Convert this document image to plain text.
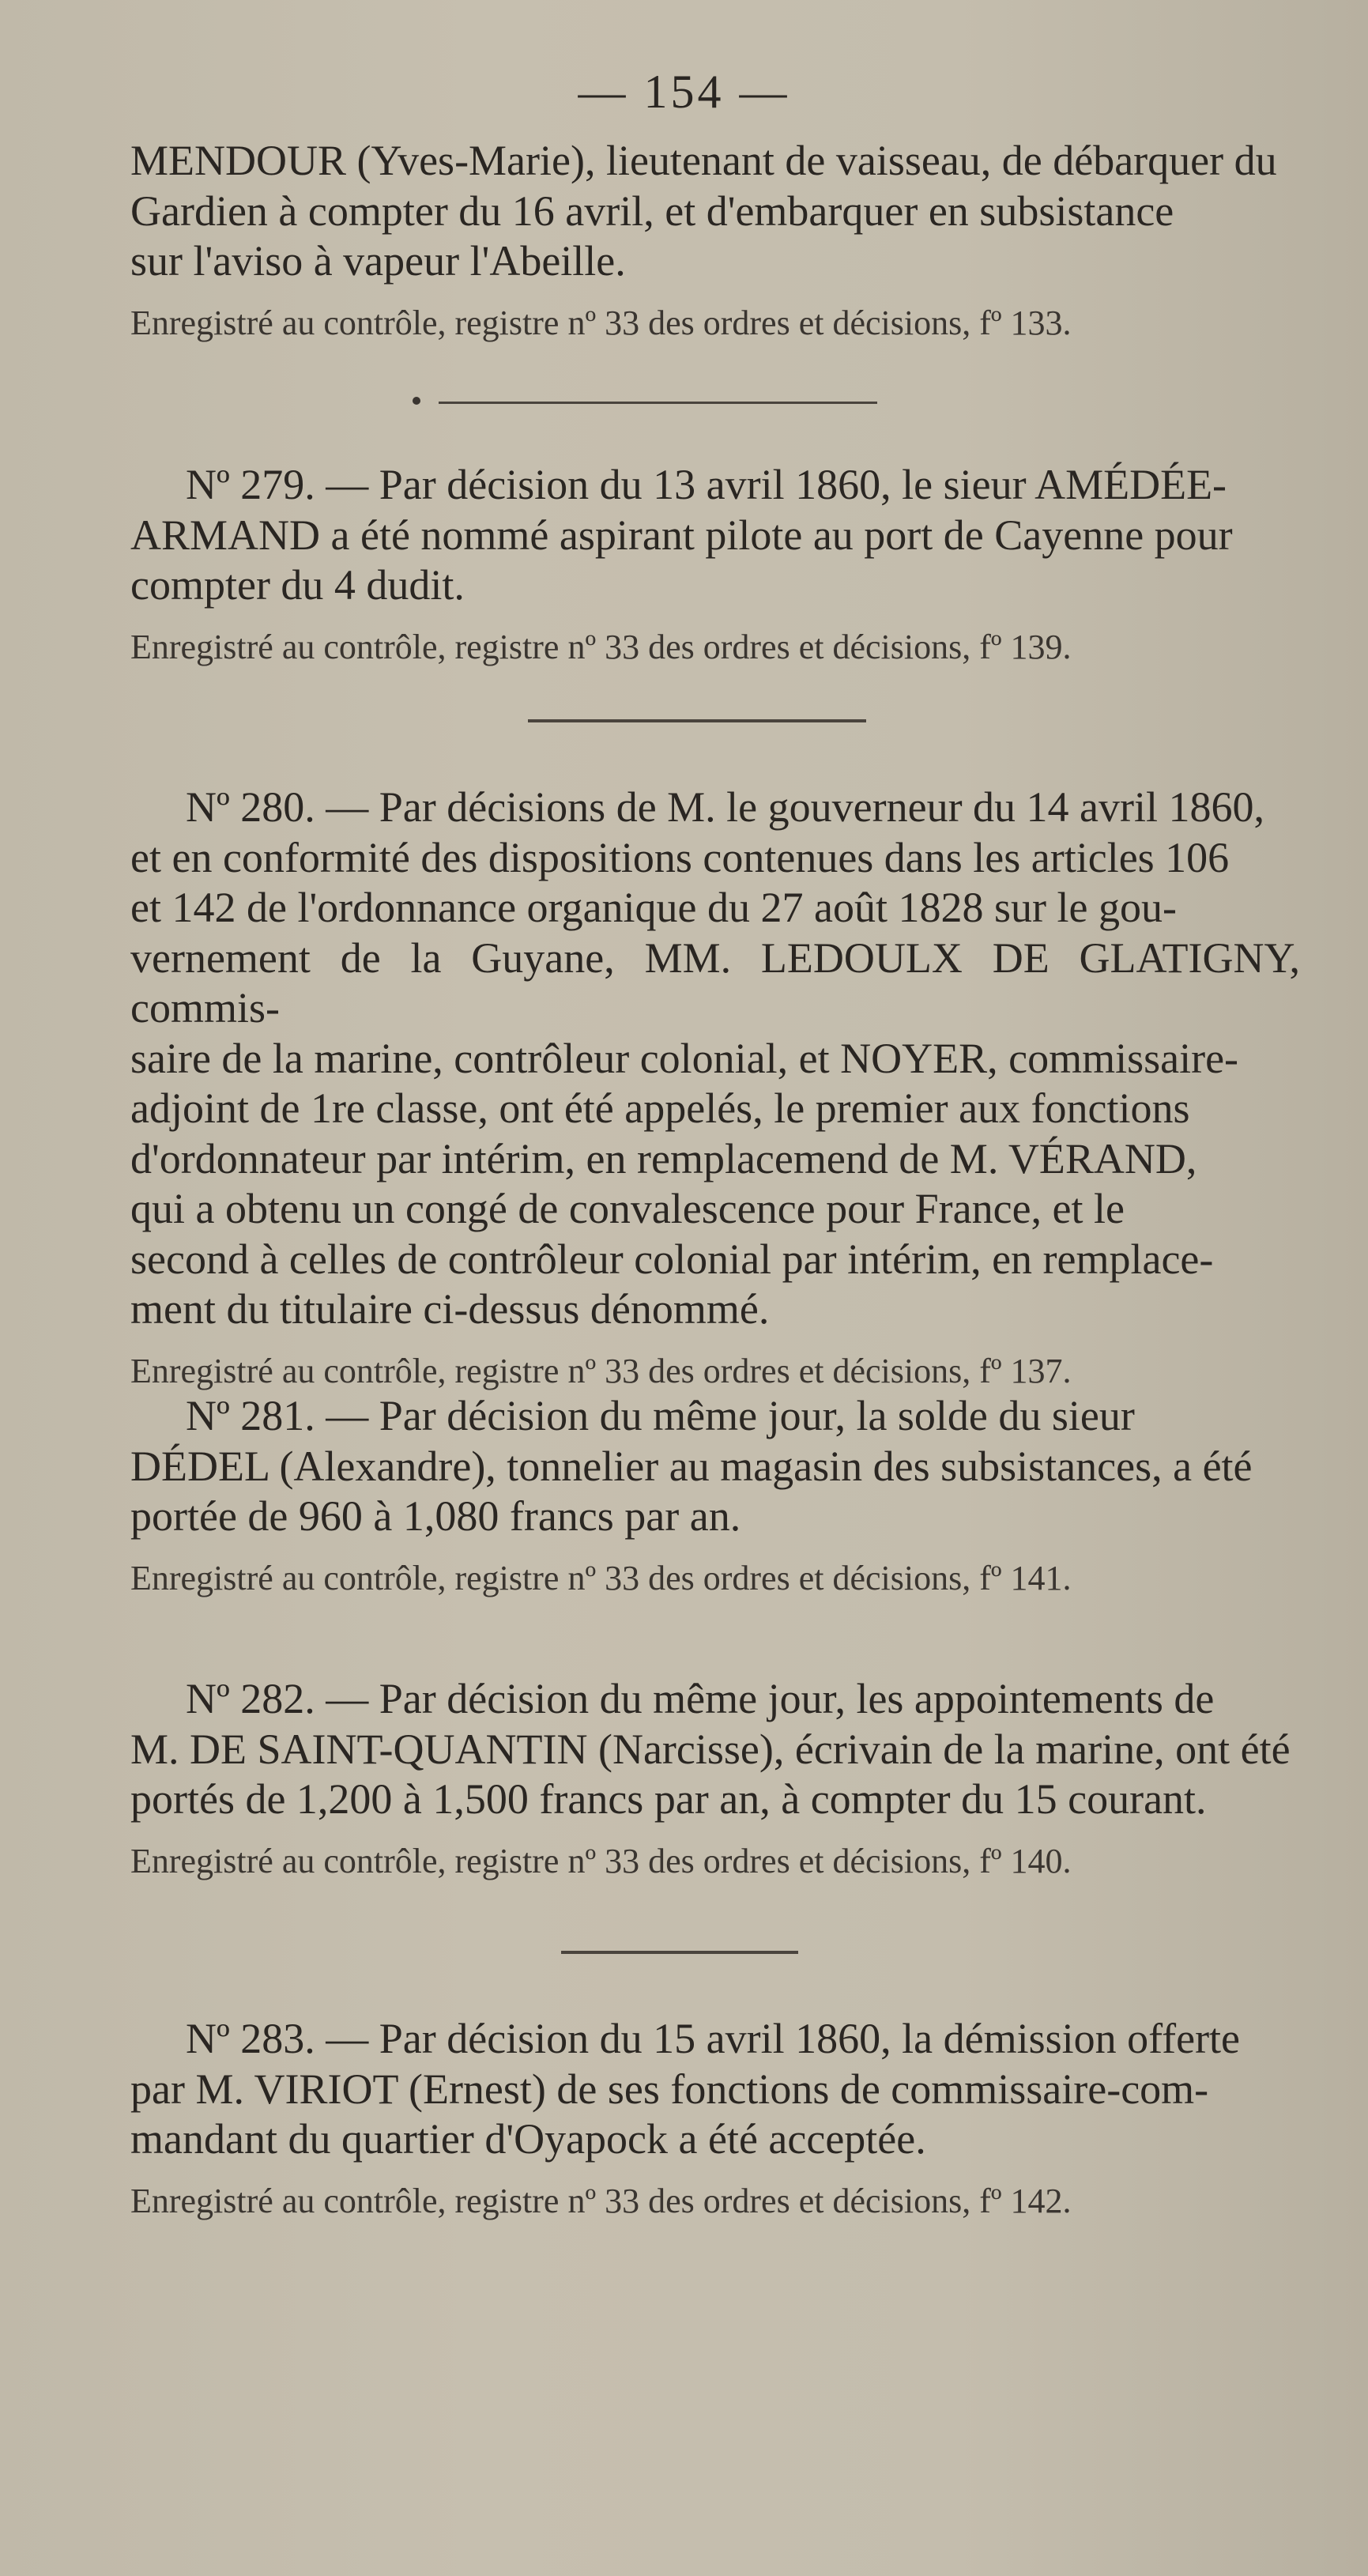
— 154 —

MENDOUR (Yves-Marie), lieutenant de vaisseau, de débarquer du

Gardien à compter du 16 avril, et d'embarquer en subsistance

sur l'aviso à vapeur l'Abeille.

Enregistré au contrôle, registre nº 33 des ordres et décisions, fº 133.

Nº 279. — Par décision du 13 avril 1860, le sieur AMÉDÉE-

ARMAND a été nommé aspirant pilote au port de Cayenne pour

compter du 4 dudit.

Enregistré au contrôle, registre nº 33 des ordres et décisions, fº 139.

Nº 280. — Par décisions de M. le gouverneur du 14 avril 1860,

et en conformité des dispositions contenues dans les articles 106

et 142 de l'ordonnance organique du 27 août 1828 sur le gou-

vernement de la Guyane, MM. LEDOULX DE GLATIGNY, commis-

saire de la marine, contrôleur colonial, et NOYER, commissaire-

adjoint de 1re classe, ont été appelés, le premier aux fonctions

d'ordonnateur par intérim, en remplacemend de M. VÉRAND,

qui a obtenu un congé de convalescence pour France, et le

second à celles de contrôleur colonial par intérim, en remplace-

ment du titulaire ci-dessus dénommé.

Enregistré au contrôle, registre nº 33 des ordres et décisions, fº 137.

Nº 281. — Par décision du même jour, la solde du sieur

DÉDEL (Alexandre), tonnelier au magasin des subsistances, a été

portée de 960 à 1,080 francs par an.

Enregistré au contrôle, registre nº 33 des ordres et décisions, fº 141.

Nº 282. — Par décision du même jour, les appointements de

M. DE SAINT-QUANTIN (Narcisse), écrivain de la marine, ont été

portés de 1,200 à 1,500 francs par an, à compter du 15 courant.

Enregistré au contrôle, registre nº 33 des ordres et décisions, fº 140.

Nº 283. — Par décision du 15 avril 1860, la démission offerte

par M. VIRIOT (Ernest) de ses fonctions de commissaire-com-

mandant du quartier d'Oyapock a été acceptée.

Enregistré au contrôle, registre nº 33 des ordres et décisions, fº 142.
